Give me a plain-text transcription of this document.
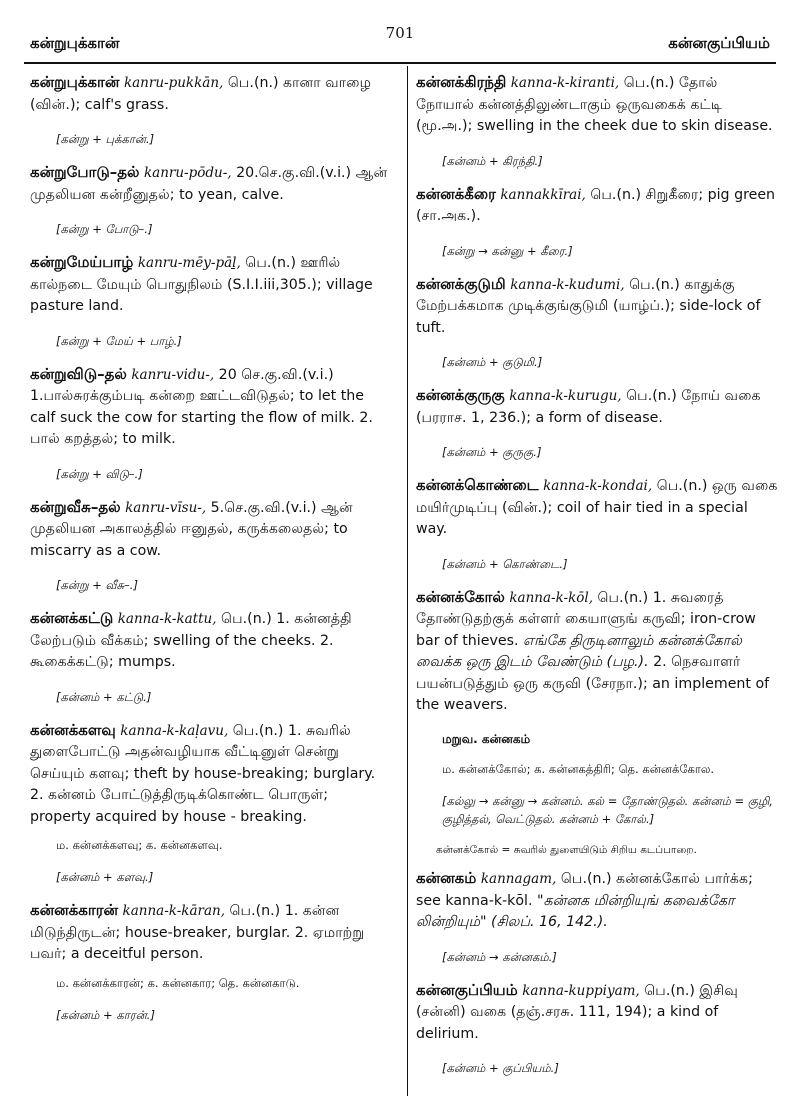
கன்றுபுக்கான்
701
கன்னகுப்பியம்

கன்றுபுக்கான் kanru-pukkān, பெ.(n.) கானா வாழை (வின்.); calf's grass.

[கன்று + புக்கான்.]

கன்றுபோடு–தல் kanru-pōdu-, 20.செ.கு.வி.(v.i.) ஆன் முதலியன கன்றீனுதல்; to yean, calve.

[கன்று + போடு–.]

கன்றுமேய்பாழ் kanru-mēy-pāḻ, பெ.(n.) ஊரில் கால்நடை மேயும் பொதுநிலம் (S.I.I.iii,305.); village pasture land.

[கன்று + மேய் + பாழ்.]

கன்றுவிடு–தல் kanru-vidu-, 20 செ.கு.வி.(v.i.) 1.பால்சுரக்கும்படி கன்றை ஊட்டவிடுதல்; to let the calf suck the cow for starting the flow of milk. 2. பால் கறத்தல்; to milk.

[கன்று + விடு–.]

கன்றுவீசு–தல் kanru-vīsu-, 5.செ.கு.வி.(v.i.) ஆன் முதலியன அகாலத்தில் ஈனுதல், கருக்கலைதல்; to miscarry as a cow.

[கன்று + வீசு–.]

கன்னக்கட்டு kanna-k-kattu, பெ.(n.) 1. கன்னத்தி லேற்படும் வீக்கம்; swelling of the cheeks. 2. கூகைக்கட்டு; mumps.

[கன்னம் + கட்டு.]

கன்னக்களவு kanna-k-kaḷavu, பெ.(n.) 1. சுவரில் துளைபோட்டு அதன்வழியாக வீட்டினுள் சென்று செய்யும் களவு; theft by house-breaking; burglary. 2. கன்னம் போட்டுத்திருடிக்கொண்ட பொருள்; property acquired by house - breaking.

ம. கன்னக்களவு; க. கன்னகளவு.
[கன்னம் + களவு.]

கன்னக்காரன் kanna-k-kāran, பெ.(n.) 1. கன்ன மிடுந்திருடன்; house-breaker, burglar. 2. ஏமாற்று பவர்; a deceitful person.

ம. கன்னக்காரன்; க. கன்னகார; தெ. கன்னகாடு.
[கன்னம் + காரன்.]

கன்னக்கிரந்தி kanna-k-kiranti, பெ.(n.) தோல் நோயால் கன்னத்திலுண்டாகும் ஒருவகைக் கட்டி (மூ.அ.); swelling in the cheek due to skin disease.

[கன்னம் + கிரந்தி.]

கன்னக்கீரை kannakkīrai, பெ.(n.) சிறுகீரை; pig green (சா.அக.).

[கன்று → கன்னு + கீரை.]

கன்னக்குடுமி kanna-k-kudumi, பெ.(n.) காதுக்கு மேற்பக்கமாக முடிக்குங்குடுமி (யாழ்ப்.); side-lock of tuft.

[கன்னம் + குடுமி.]

கன்னக்குருகு kanna-k-kurugu, பெ.(n.) நோய் வகை (பரராச. 1, 236.); a form of disease.

[கன்னம் + குருகு.]

கன்னக்கொண்டை kanna-k-kondai, பெ.(n.) ஒரு வகை மயிர்முடிப்பு (வின்.); coil of hair tied in a special way.

[கன்னம் + கொண்டை.]

கன்னக்கோல் kanna-k-kōl, பெ.(n.) 1. சுவரைத் தோண்டுதற்குக் கள்ளர் கையாளுங் கருவி; iron-crow bar of thieves. எங்கே திருடினாலும் கன்னக்கோல் வைக்க ஒரு இடம் வேண்டும் (பழ.). 2. நெசவாளர் பயன்படுத்தும் ஒரு கருவி (சேரநா.); an implement of the weavers.

மறுவ. கன்னகம்
ம. கன்னக்கோல்; க. கன்னகத்திரி; தெ. கன்னக்கோல.
[கல்லு → கன்னு → கன்னம். கல் = தோண்டுதல். கன்னம் = குழி, குழித்தல், வெட்டுதல். கன்னம் + கோல்.]
கன்னக்கோல் = சுவரில் துளையிடும் சிறிய கடப்பாறை.

கன்னகம் kannagam, பெ.(n.) கன்னக்கோல் பார்க்க; see kanna-k-kōl. "கன்னக மின்றியுங் கவைக்கோ லின்றியும்" (சிலப். 16, 142.).

[கன்னம் → கன்னகம்.]

கன்னகுப்பியம் kanna-kuppiyam, பெ.(n.) இசிவு (சன்னி) வகை (தஞ்.சரசு. 111, 194); a kind of delirium.

[கன்னம் + குப்பியம்.]
